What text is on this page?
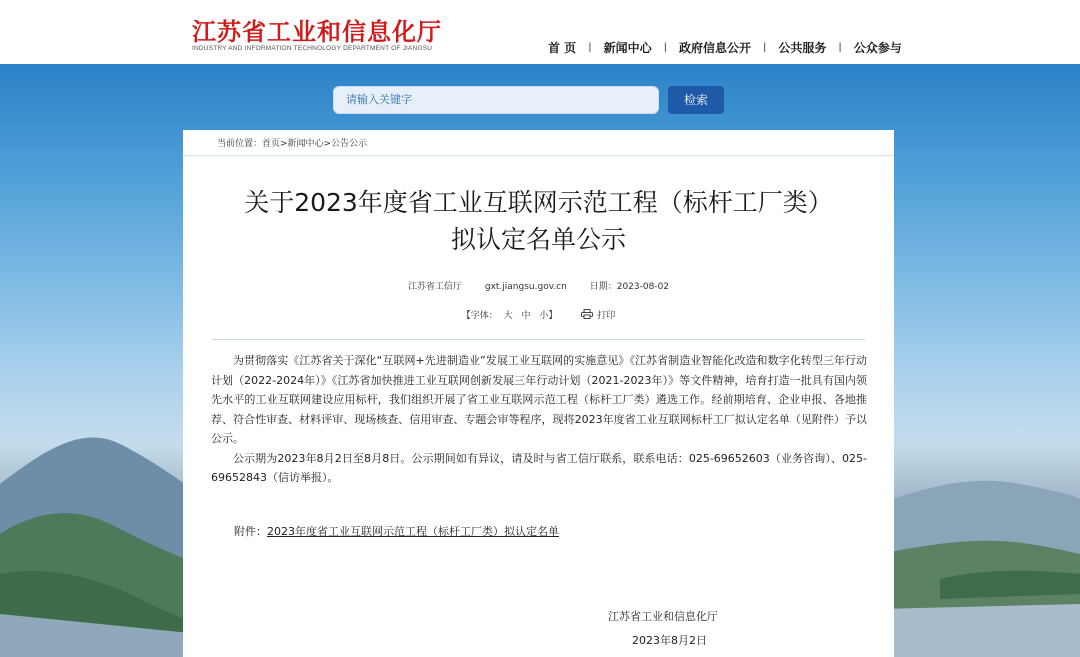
江苏省工业和信息化厅
INDUSTRY AND INFORMATION TECHNOLOGY DEPARTMENT OF JIANGSU	首 页 | 新闻中心 | 政府信息公开 | 公共服务 | 公众参与
请输入关键字	检索
当前位置：首页>新闻中心>公告公示
关于2023年度省工业互联网示范工程（标杆工厂类）
拟认定名单公示
江苏省工信厅	gxt.jiangsu.gov.cn	日期：2023-08-02
【字体： 大 中 小】	打印

为贯彻落实《江苏省关于深化“互联网+先进制造业”发展工业互联网的实施意见》《江苏省制造业智能化改造和数字化转型三年行动计划（2022-2024年）》《江苏省加快推进工业互联网创新发展三年行动计划（2021-2023年）》等文件精神，培育打造一批具有国内领先水平的工业互联网建设应用标杆，我们组织开展了省工业互联网示范工程（标杆工厂类）遴选工作。经前期培育、企业申报、各地推荐、符合性审查、材料评审、现场核查、信用审查、专题会审等程序，现将2023年度省工业互联网标杆工厂拟认定名单（见附件）予以公示。

公示期为2023年8月2日至8月8日。公示期间如有异议，请及时与省工信厅联系，联系电话：025-69652603（业务咨询）、025-69652843（信访举报）。

附件：2023年度省工业互联网示范工程（标杆工厂类）拟认定名单
江苏省工业和信息化厅
2023年8月2日
